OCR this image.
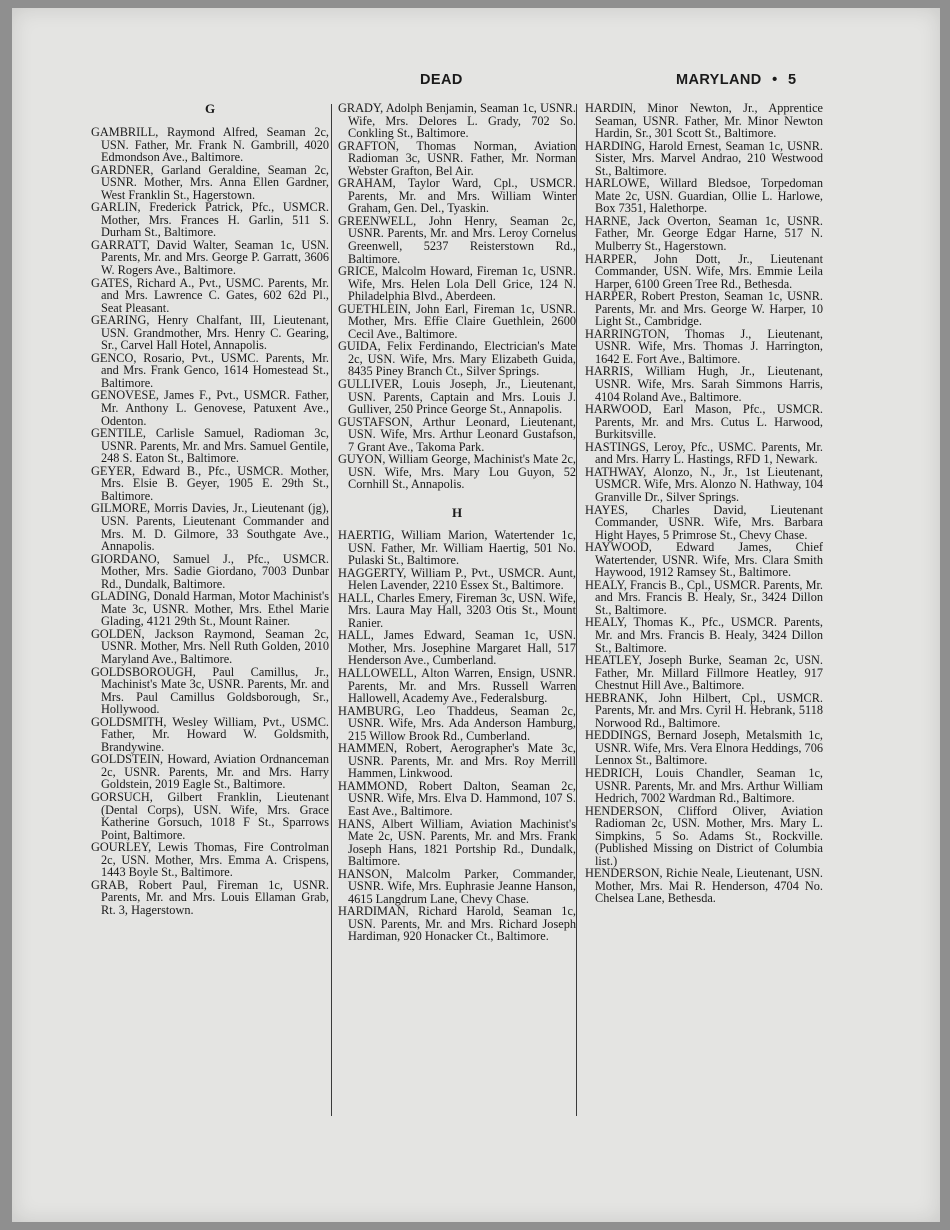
DEAD	MARYLAND • 5
G

GAMBRILL, Raymond Alfred, Seaman 2c, USN. Father, Mr. Frank N. Gambrill, 4020 Edmondson Ave., Baltimore.

GARDNER, Garland Geraldine, Seaman 2c, USNR. Mother, Mrs. Anna Ellen Gardner, West Franklin St., Hagerstown.

GARLIN, Frederick Patrick, Pfc., USMCR. Mother, Mrs. Frances H. Garlin, 511 S. Durham St., Baltimore.

GARRATT, David Walter, Seaman 1c, USN. Parents, Mr. and Mrs. George P. Garratt, 3606 W. Rogers Ave., Baltimore.

GATES, Richard A., Pvt., USMC. Parents, Mr. and Mrs. Lawrence C. Gates, 602 62d Pl., Seat Pleasant.

GEARING, Henry Chalfant, III, Lieutenant, USN. Grandmother, Mrs. Henry C. Gearing, Sr., Carvel Hall Hotel, Annapolis.

GENCO, Rosario, Pvt., USMC. Parents, Mr. and Mrs. Frank Genco, 1614 Homestead St., Baltimore.

GENOVESE, James F., Pvt., USMCR. Father, Mr. Anthony L. Genovese, Patuxent Ave., Odenton.

GENTILE, Carlisle Samuel, Radioman 3c, USNR. Parents, Mr. and Mrs. Samuel Gentile, 248 S. Eaton St., Baltimore.

GEYER, Edward B., Pfc., USMCR. Mother, Mrs. Elsie B. Geyer, 1905 E. 29th St., Baltimore.

GILMORE, Morris Davies, Jr., Lieutenant (jg), USN. Parents, Lieutenant Commander and Mrs. M. D. Gilmore, 33 Southgate Ave., Annapolis.

GIORDANO, Samuel J., Pfc., USMCR. Mother, Mrs. Sadie Giordano, 7003 Dunbar Rd., Dundalk, Baltimore.

GLADING, Donald Harman, Motor Machinist's Mate 3c, USNR. Mother, Mrs. Ethel Marie Glading, 4121 29th St., Mount Rainer.

GOLDEN, Jackson Raymond, Seaman 2c, USNR. Mother, Mrs. Nell Ruth Golden, 2010 Maryland Ave., Baltimore.

GOLDSBOROUGH, Paul Camillus, Jr., Machinist's Mate 3c, USNR. Parents, Mr. and Mrs. Paul Camillus Goldsborough, Sr., Hollywood.

GOLDSMITH, Wesley William, Pvt., USMC. Father, Mr. Howard W. Goldsmith, Brandywine.

GOLDSTEIN, Howard, Aviation Ordnanceman 2c, USNR. Parents, Mr. and Mrs. Harry Goldstein, 2019 Eagle St., Baltimore.

GORSUCH, Gilbert Franklin, Lieutenant (Dental Corps), USN. Wife, Mrs. Grace Katherine Gorsuch, 1018 F St., Sparrows Point, Baltimore.

GOURLEY, Lewis Thomas, Fire Controlman 2c, USN. Mother, Mrs. Emma A. Crispens, 1443 Boyle St., Baltimore.

GRAB, Robert Paul, Fireman 1c, USNR. Parents, Mr. and Mrs. Louis Ellaman Grab, Rt. 3, Hagerstown.

GRADY, Adolph Benjamin, Seaman 1c, USNR. Wife, Mrs. Delores L. Grady, 702 So. Conkling St., Baltimore.

GRAFTON, Thomas Norman, Aviation Radioman 3c, USNR. Father, Mr. Norman Webster Grafton, Bel Air.

GRAHAM, Taylor Ward, Cpl., USMCR. Parents, Mr. and Mrs. William Winter Graham, Gen. Del., Tyaskin.

GREENWELL, John Henry, Seaman 2c, USNR. Parents, Mr. and Mrs. Leroy Cornelus Greenwell, 5237 Reisterstown Rd., Baltimore.

GRICE, Malcolm Howard, Fireman 1c, USNR. Wife, Mrs. Helen Lola Dell Grice, 124 N. Philadelphia Blvd., Aberdeen.

GUETHLEIN, John Earl, Fireman 1c, USNR. Mother, Mrs. Effie Claire Guethlein, 2600 Cecil Ave., Baltimore.

GUIDA, Felix Ferdinando, Electrician's Mate 2c, USN. Wife, Mrs. Mary Elizabeth Guida, 8435 Piney Branch Ct., Silver Springs.

GULLIVER, Louis Joseph, Jr., Lieutenant, USN. Parents, Captain and Mrs. Louis J. Gulliver, 250 Prince George St., Annapolis.

GUSTAFSON, Arthur Leonard, Lieutenant, USN. Wife, Mrs. Arthur Leonard Gustafson, 7 Grant Ave., Takoma Park.

GUYON, William George, Machinist's Mate 2c, USN. Wife, Mrs. Mary Lou Guyon, 52 Cornhill St., Annapolis.

H

HAERTIG, William Marion, Watertender 1c, USN. Father, Mr. William Haertig, 501 No. Pulaski St., Baltimore.

HAGGERTY, William P., Pvt., USMCR. Aunt, Helen Lavender, 2210 Essex St., Baltimore.

HALL, Charles Emery, Fireman 3c, USN. Wife, Mrs. Laura May Hall, 3203 Otis St., Mount Ranier.

HALL, James Edward, Seaman 1c, USN. Mother, Mrs. Josephine Margaret Hall, 517 Henderson Ave., Cumberland.

HALLOWELL, Alton Warren, Ensign, USNR. Parents, Mr. and Mrs. Russell Warren Hallowell, Academy Ave., Federalsburg.

HAMBURG, Leo Thaddeus, Seaman 2c, USNR. Wife, Mrs. Ada Anderson Hamburg, 215 Willow Brook Rd., Cumberland.

HAMMEN, Robert, Aerographer's Mate 3c, USNR. Parents, Mr. and Mrs. Roy Merrill Hammen, Linkwood.

HAMMOND, Robert Dalton, Seaman 2c, USNR. Wife, Mrs. Elva D. Hammond, 107 S. East Ave., Baltimore.

HANS, Albert William, Aviation Machinist's Mate 2c, USN. Parents, Mr. and Mrs. Frank Joseph Hans, 1821 Portship Rd., Dundalk, Baltimore.

HANSON, Malcolm Parker, Commander, USNR. Wife, Mrs. Euphrasie Jeanne Hanson, 4615 Langdrum Lane, Chevy Chase.

HARDIMAN, Richard Harold, Seaman 1c, USN. Parents, Mr. and Mrs. Richard Joseph Hardiman, 920 Honacker Ct., Baltimore.

HARDIN, Minor Newton, Jr., Apprentice Seaman, USNR. Father, Mr. Minor Newton Hardin, Sr., 301 Scott St., Baltimore.

HARDING, Harold Ernest, Seaman 1c, USNR. Sister, Mrs. Marvel Andrao, 210 Westwood St., Baltimore.

HARLOWE, Willard Bledsoe, Torpedoman Mate 2c, USN. Guardian, Ollie L. Harlowe, Box 7351, Halethorpe.

HARNE, Jack Overton, Seaman 1c, USNR. Father, Mr. George Edgar Harne, 517 N. Mulberry St., Hagerstown.

HARPER, John Dott, Jr., Lieutenant Commander, USN. Wife, Mrs. Emmie Leila Harper, 6100 Green Tree Rd., Bethesda.

HARPER, Robert Preston, Seaman 1c, USNR. Parents, Mr. and Mrs. George W. Harper, 10 Light St., Cambridge.

HARRINGTON, Thomas J., Lieutenant, USNR. Wife, Mrs. Thomas J. Harrington, 1642 E. Fort Ave., Baltimore.

HARRIS, William Hugh, Jr., Lieutenant, USNR. Wife, Mrs. Sarah Simmons Harris, 4104 Roland Ave., Baltimore.

HARWOOD, Earl Mason, Pfc., USMCR. Parents, Mr. and Mrs. Cutus L. Harwood, Burkitsville.

HASTINGS, Leroy, Pfc., USMC. Parents, Mr. and Mrs. Harry L. Hastings, RFD 1, Newark.

HATHWAY, Alonzo, N., Jr., 1st Lieutenant, USMCR. Wife, Mrs. Alonzo N. Hathway, 104 Granville Dr., Silver Springs.

HAYES, Charles David, Lieutenant Commander, USNR. Wife, Mrs. Barbara Hight Hayes, 5 Primrose St., Chevy Chase.

HAYWOOD, Edward James, Chief Watertender, USNR. Wife, Mrs. Clara Smith Haywood, 1912 Ramsey St., Baltimore.

HEALY, Francis B., Cpl., USMCR. Parents, Mr. and Mrs. Francis B. Healy, Sr., 3424 Dillon St., Baltimore.

HEALY, Thomas K., Pfc., USMCR. Parents, Mr. and Mrs. Francis B. Healy, 3424 Dillon St., Baltimore.

HEATLEY, Joseph Burke, Seaman 2c, USN. Father, Mr. Millard Fillmore Heatley, 917 Chestnut Hill Ave., Baltimore.

HEBRANK, John Hilbert, Cpl., USMCR. Parents, Mr. and Mrs. Cyril H. Hebrank, 5118 Norwood Rd., Baltimore.

HEDDINGS, Bernard Joseph, Metalsmith 1c, USNR. Wife, Mrs. Vera Elnora Heddings, 706 Lennox St., Baltimore.

HEDRICH, Louis Chandler, Seaman 1c, USNR. Parents, Mr. and Mrs. Arthur William Hedrich, 7002 Wardman Rd., Baltimore.

HENDERSON, Clifford Oliver, Aviation Radioman 2c, USN. Mother, Mrs. Mary L. Simpkins, 5 So. Adams St., Rockville. (Published Missing on District of Columbia list.)

HENDERSON, Richie Neale, Lieutenant, USN. Mother, Mrs. Mai R. Henderson, 4704 No. Chelsea Lane, Bethesda.
